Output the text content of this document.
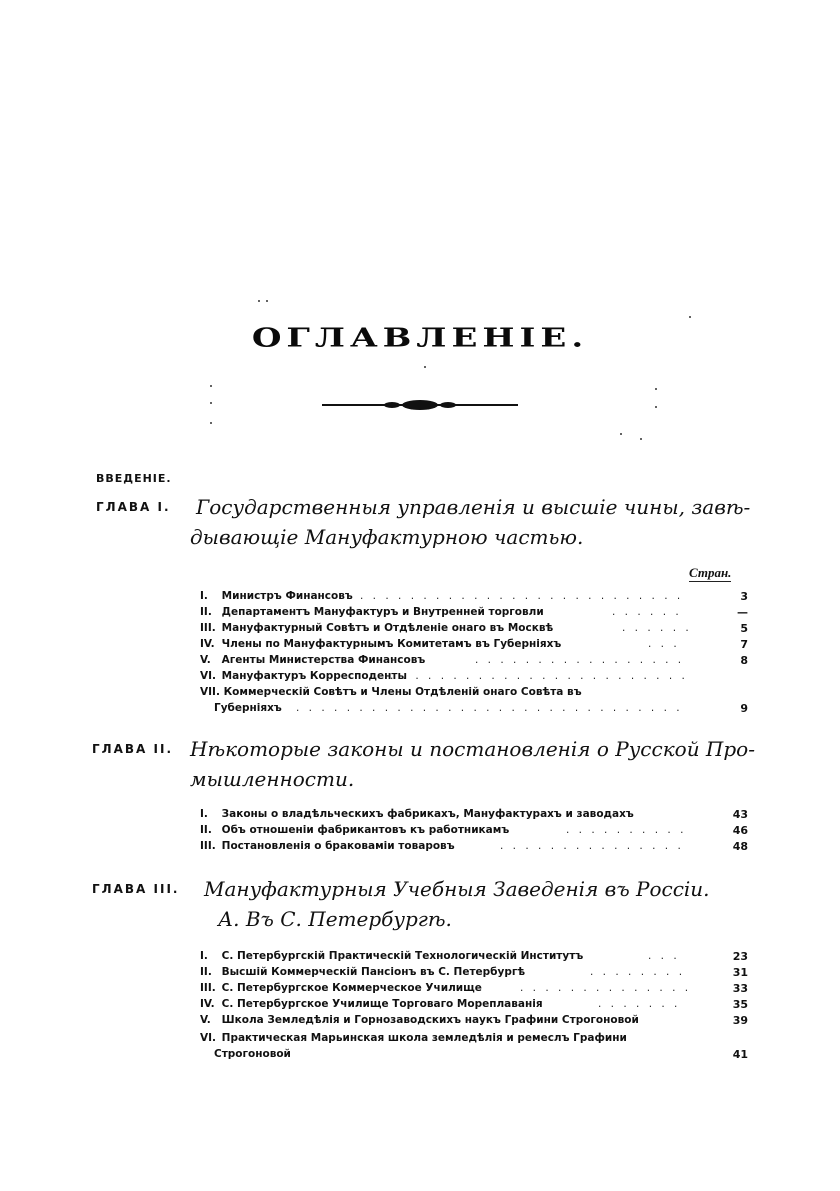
ОГЛАВЛЕНІЕ.
ВВЕДЕНІЕ.
ГЛАВА I. Государственныя управленія и высшіе чины, завѣ-
дывающіе Мануфактурною частью.
Стран.
I. Министръ Финансовъ . . . . . . . . . . . . . . . . . . . . . . . . . .	3
II. Департаментъ Мануфактуръ и Внутренней торговли	. . . . . .	—
III. Мануфактурный Совѣтъ и Отдѣленіе онаго въ Москвѣ	. . . . . .	5
IV. Члены по Мануфактурнымъ Комитетамъ въ Губерніяхъ	. . .	7
V. Агенты Министерства Финансовъ	. . . . . . . . . . . . . . . . .	8
VI. Мануфактуръ Корресподенты
. . . . . . . . . . . . . . . . . . . . . . . .
VII. Коммерческій Совѣтъ и Члены Отдѣленій онаго Совѣта въ
Губерніяхъ . . . . . . . . . . . . . . . . . . . . . . . . . . . . . . .	9
ГЛАВА II. Нѣкоторые законы и постановленія о Русской Про-
мышленности.
I. Законы о владѣльческихъ фабрикахъ, Мануфактурахъ и заводахъ	43
II. Объ отношеніи фабрикантовъ къ работникамъ	. . . . . . . . . .	46
III. Постановленія о браковаміи товаровъ	. . . . . . . . . . . . . . .	48
ГЛАВА III. Мануфактурныя Учебныя Заведенія въ Россіи.
А. Въ С. Петербургѣ.
I. С. Петербургскій Практическій Технологическій Институтъ	. . .	23
II. Высшій Коммерческій Пансіонъ въ С. Петербургѣ	. . . . . . . .	31
III. С. Петербургское Коммерческое Училище	. . . . . . . . . . . . . .	33
IV. С. Петербургское Училище Торговаго Мореплаванія	. . . . . . .	35
V. Школа Земледѣлія и Горнозаводскихъ наукъ Графини Строгоновой	39
VI. Практическая Марьинская школа земледѣлія и ремеслъ Графини
Строгоновой	41
